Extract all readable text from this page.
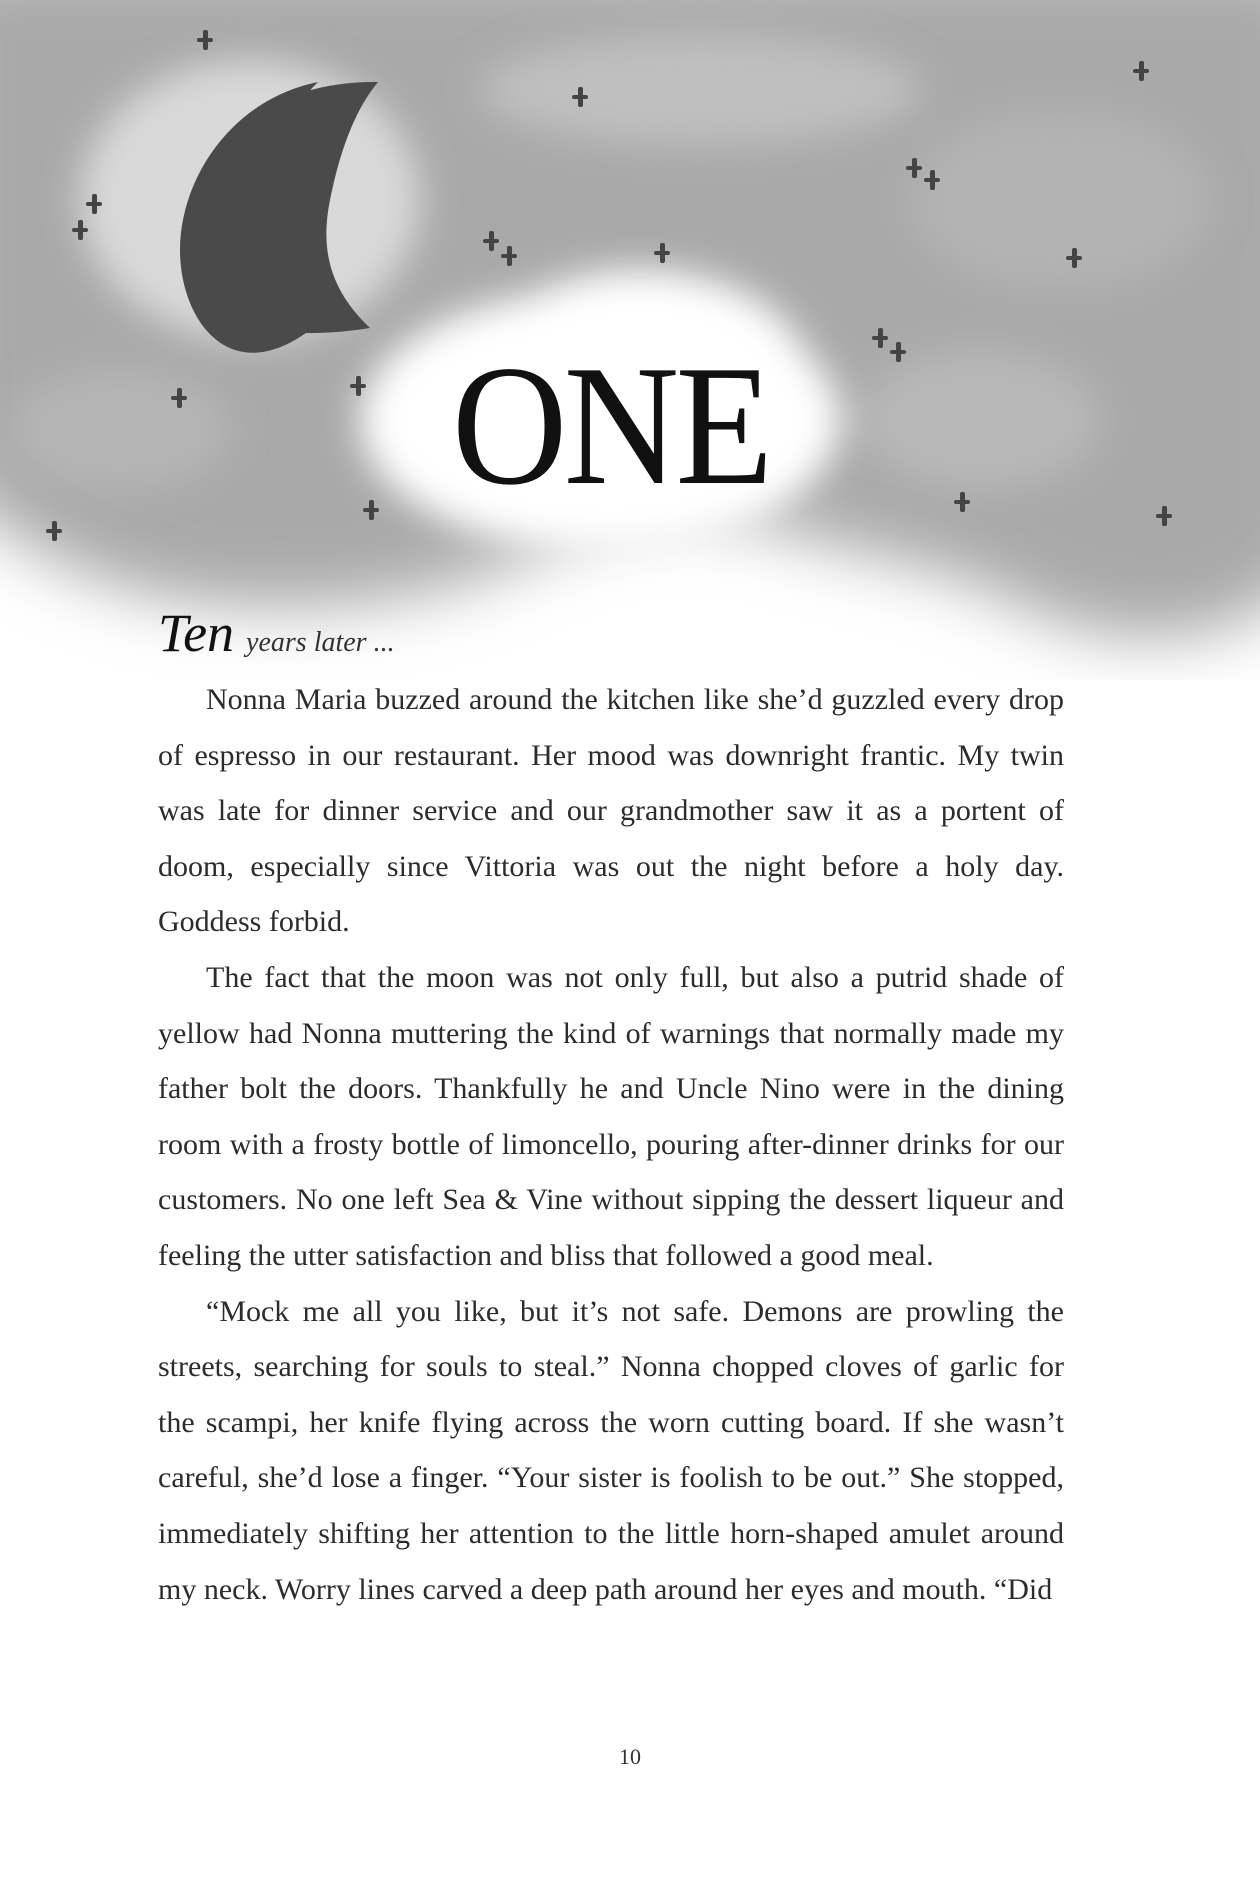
ONE
Ten years later ...

Nonna Maria buzzed around the kitchen like she’d guzzled every drop of espresso in our restaurant. Her mood was downright frantic. My twin was late for dinner service and our grandmother saw it as a portent of doom, especially since Vittoria was out the night before a holy day. Goddess forbid.

The fact that the moon was not only full, but also a putrid shade of yellow had Nonna muttering the kind of warnings that normally made my father bolt the doors. Thankfully he and Uncle Nino were in the dining room with a frosty bottle of limoncello, pouring after-dinner drinks for our customers. No one left Sea & Vine without sipping the dessert liqueur and feeling the utter satisfaction and bliss that followed a good meal.

“Mock me all you like, but it’s not safe. Demons are prowling the streets, searching for souls to steal.” Nonna chopped cloves of garlic for the scampi, her knife flying across the worn cutting board. If she wasn’t careful, she’d lose a finger. “Your sister is foolish to be out.” She stopped, immediately shifting her attention to the little horn-shaped amulet around my neck. Worry lines carved a deep path around her eyes and mouth. “Did

10
